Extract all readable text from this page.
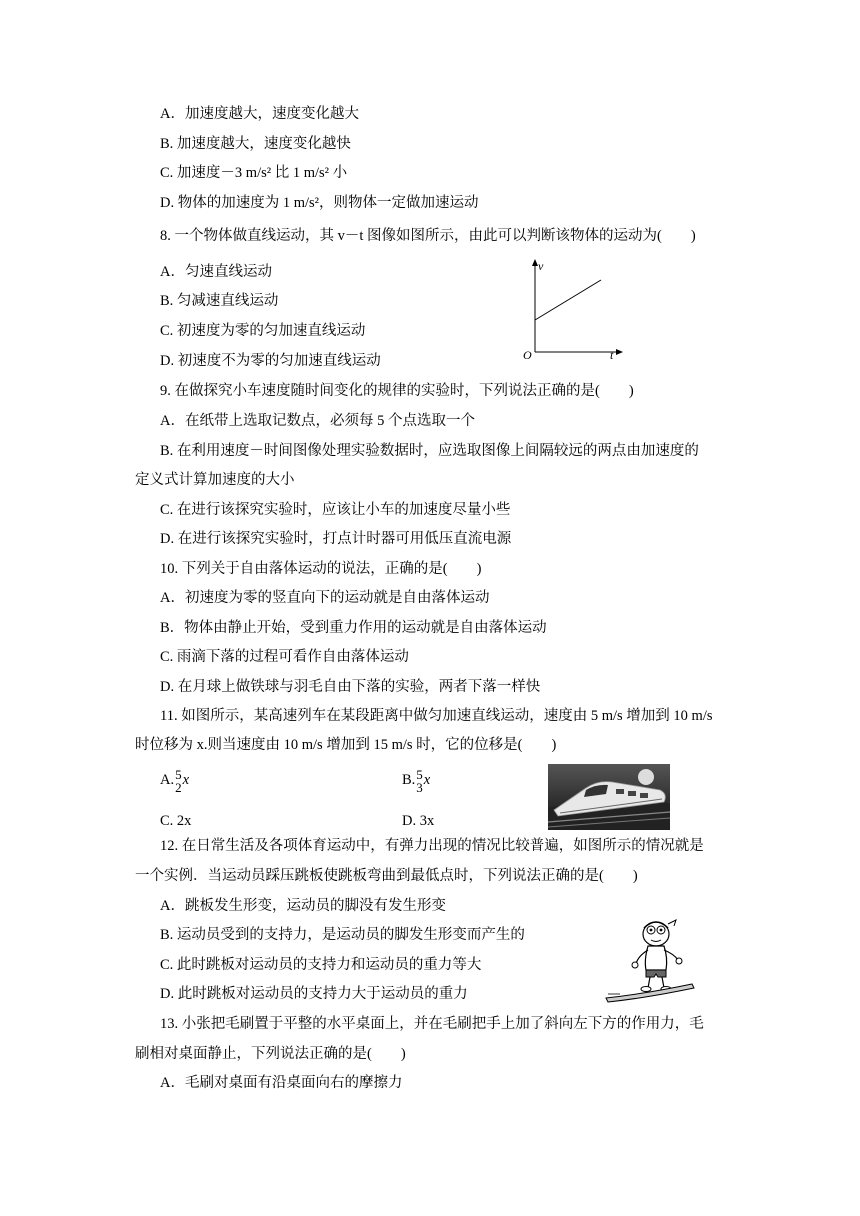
A．加速度越大，速度变化越大
B. 加速度越大，速度变化越快
C. 加速度－3 m/s² 比 1 m/s² 小
D. 物体的加速度为 1 m/s²，则物体一定做加速运动
8. 一个物体做直线运动，其 v－t 图像如图所示，由此可以判断该物体的运动为(　　)
A．匀速直线运动
B. 匀减速直线运动
C. 初速度为零的匀加速直线运动
D. 初速度不为零的匀加速直线运动
v
t
O
9. 在做探究小车速度随时间变化的规律的实验时，下列说法正确的是(　　)
A．在纸带上选取记数点，必须每 5 个点选取一个
B. 在利用速度－时间图像处理实验数据时，应选取图像上间隔较远的两点由加速度的
定义式计算加速度的大小
C. 在进行该探究实验时，应该让小车的加速度尽量小些
D. 在进行该探究实验时，打点计时器可用低压直流电源
10. 下列关于自由落体运动的说法，正确的是(　　)
A．初速度为零的竖直向下的运动就是自由落体运动
B．物体由静止开始，受到重力作用的运动就是自由落体运动
C. 雨滴下落的过程可看作自由落体运动
D. 在月球上做铁球与羽毛自由下落的实验，两者下落一样快
11. 如图所示，某高速列车在某段距离中做匀加速直线运动，速度由 5 m/s 增加到 10 m/s
时位移为 x.则当速度由 10 m/s 增加到 15 m/s 时，它的位移是(　　)
A. 5
2 x	B. 5
3 x
C. 2x	D. 3x
12. 在日常生活及各项体育运动中，有弹力出现的情况比较普遍，如图所示的情况就是
一个实例．当运动员踩压跳板使跳板弯曲到最低点时，下列说法正确的是(　　)
A．跳板发生形变，运动员的脚没有发生形变
B. 运动员受到的支持力，是运动员的脚发生形变而产生的
C. 此时跳板对运动员的支持力和运动员的重力等大
D. 此时跳板对运动员的支持力大于运动员的重力
13. 小张把毛刷置于平整的水平桌面上，并在毛刷把手上加了斜向左下方的作用力，毛
刷相对桌面静止，下列说法正确的是(　　)
A．毛刷对桌面有沿桌面向右的摩擦力
